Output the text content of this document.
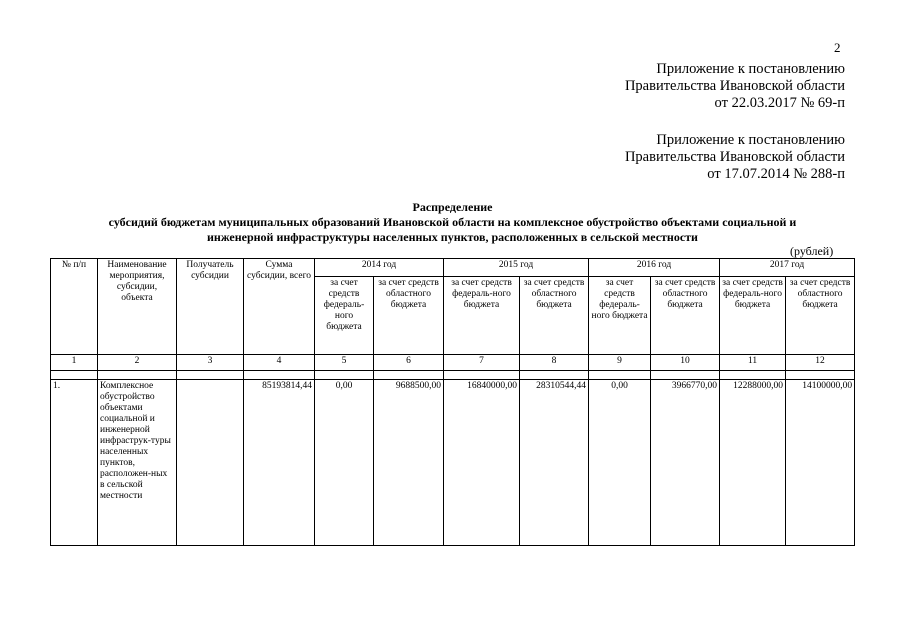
2
Приложение к постановлению
Правительства Ивановской области
от 22.03.2017 № 69-п
Приложение к постановлению
Правительства Ивановской области
от 17.07.2014 № 288-п
Распределение
субсидий бюджетам муниципальных образований Ивановской области на комплексное обустройство объектами социальной и
инженерной инфраструктуры населенных пунктов, расположенных в сельской местности
(рублей)
№ п/п	Наименование мероприятия, субсидии, объекта	Получатель субсидии	Сумма субсидии, всего	2014 год		2015 год		2016 год		2017 год	
				за счет средств федераль-ного бюджета	за счет средств областного бюджета	за счет средств федераль-ного бюджета	за счет средств областного бюджета	за счет средств федераль-ного бюджета	за счет средств областного бюджета	за счет средств федераль-ного бюджета	за счет средств областного бюджета
1	2	3	4	5	6	7	8	9	10	11	12

1.	Комплексное обустройство объектами социальной и инженерной инфраструк-туры населенных пунктов, расположен-ных в сельской местности		85193814,44	0,00	9688500,00	16840000,00	28310544,44	0,00	3966770,00	12288000,00	14100000,00
